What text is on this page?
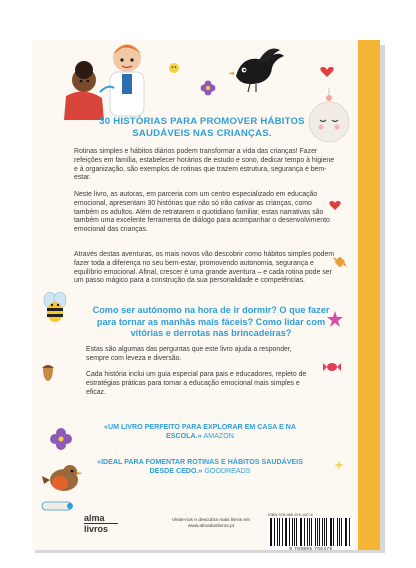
30 HISTÓRIAS PARA PROMOVER HÁBITOS SAUDÁVEIS NAS CRIANÇAS.

Rotinas simples e hábitos diários podem transformar a vida das crianças! Fazer refeições em família, estabelecer horários de estudo e sono, dedicar tempo à higiene e à organização, são exemplos de rotinas que trazem estrutura, segurança e bem-estar.

Neste livro, as autoras, em parceria com um centro especializado em educação emocional, apresentam 30 histórias que não só irão cativar as crianças, como também os adultos. Além de retratarem o quotidiano familiar, estas narrativas são também uma excelente ferramenta de diálogo para acompanhar o desenvolvimento emocional das crianças.

Através destas aventuras, os mais novos vão descobrir como hábitos simples podem fazer toda a diferença no seu bem-estar, promovendo autonomia, segurança e equilíbrio emocional. Afinal, crescer é uma grande aventura – e cada rotina pode ser um passo mágico para a construção da sua personalidade e competências.

Como ser autónomo na hora de ir dormir? O que fazer para tornar as manhãs mais fáceis? Como lidar com vitórias e derrotas nas brincadeiras?

Estas são algumas das perguntas que este livro ajuda a responder, sempre com leveza e diversão.

Cada história inclui um guia especial para pais e educadores, repleto de estratégias práticas para tornar a educação emocional mais simples e eficaz.

«UM LIVRO PERFEITO PARA EXPLORAR EM CASA E NA ESCOLA.» AMAZON
«IDEAL PARA FOMENTAR ROTINAS E HÁBITOS SAUDÁVEIS DESDE CEDO.» GOODREADS
alma
livros
Visite-nos e descubra mais livros em
www.almadoslivros.pt
ISBN 978-989-570-437-8
9 789895 706378
